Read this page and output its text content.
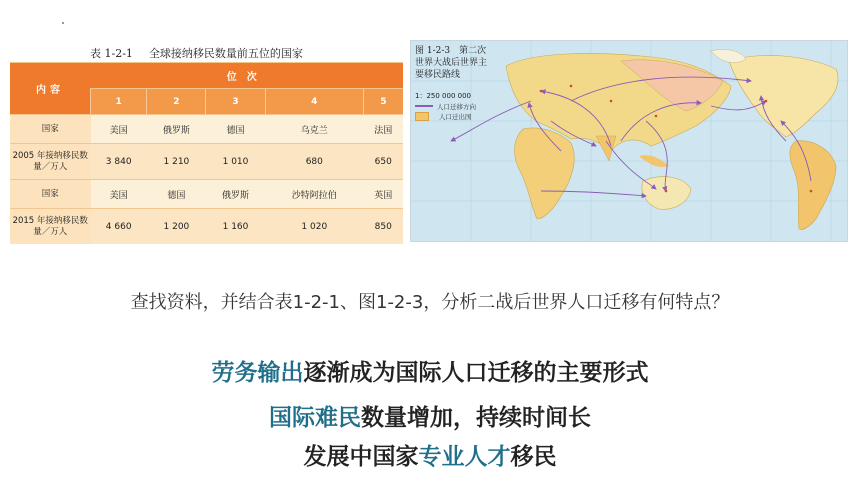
表 1-2-1 全球接纳移民数量前五位的国家
内容	位次				
	1	2	3	4	5
国家	美国	俄罗斯	德国	乌克兰	法国
2005 年接纳移民数量／万人	3 840	1 210	1 010	680	650
国家	美国	德国	俄罗斯	沙特阿拉伯	英国
2015 年接纳移民数量／万人	4 660	1 200	1 160	1 020	850
图 1-2-3　第二次
世界大战后世界主
要移民路线
1：250 000 000
人口迁移方向
人口迁出国
查找资料，并结合表1-2-1、图1-2-3，分析二战后世界人口迁移有何特点？
劳务输出逐渐成为国际人口迁移的主要形式
国际难民数量增加，持续时间长
发展中国家专业人才移民
